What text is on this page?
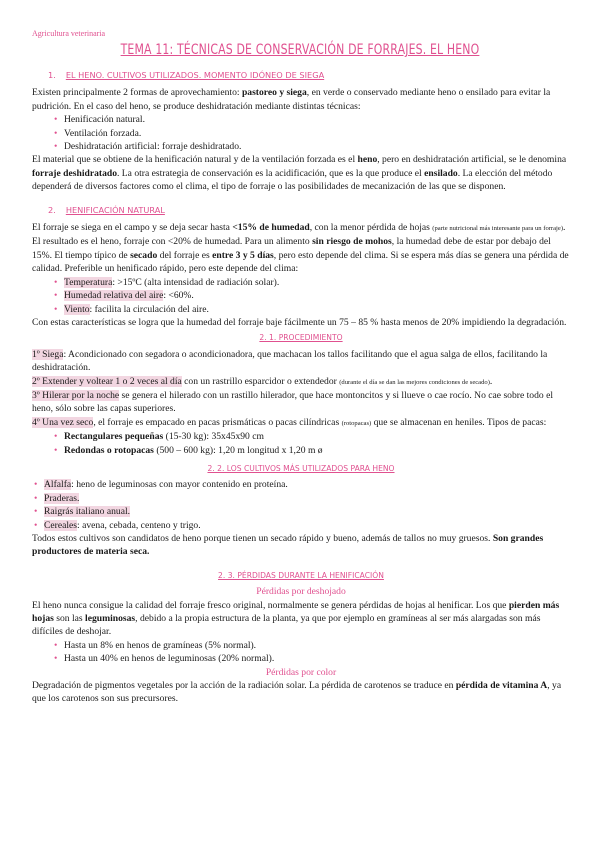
Agricultura veterinaria
TEMA 11: TÉCNICAS DE CONSERVACIÓN DE FORRAJES. EL HENO
1. EL HENO. CULTIVOS UTILIZADOS. MOMENTO IDÓNEO DE SIEGA

Existen principalmente 2 formas de aprovechamiento: pastoreo y siega, en verde o conservado mediante heno o ensilado para evitar la pudrición. En el caso del heno, se produce deshidratación mediante distintas técnicas:

• Henificación natural.
• Ventilación forzada.
• Deshidratación artificial: forraje deshidratado.

El material que se obtiene de la henificación natural y de la ventilación forzada es el heno, pero en deshidratación artificial, se le denomina forraje deshidratado. La otra estrategia de conservación es la acidificación, que es la que produce el ensilado. La elección del método dependerá de diversos factores como el clima, el tipo de forraje o las posibilidades de mecanización de las que se disponen.

2. HENIFICACIÓN NATURAL

El forraje se siega en el campo y se deja secar hasta <15% de humedad, con la menor pérdida de hojas (parte nutricional más interesante para un forraje). El resultado es el heno, forraje con <20% de humedad. Para un alimento sin riesgo de mohos, la humedad debe de estar por debajo del 15%. El tiempo típico de secado del forraje es entre 3 y 5 días, pero esto depende del clima. Si se espera más días se genera una pérdida de calidad. Preferible un henificado rápido, pero este depende del clima:

• Temperatura: >15ºC (alta intensidad de radiación solar).
• Humedad relativa del aire: <60%.
• Viento: facilita la circulación del aire.

Con estas características se logra que la humedad del forraje baje fácilmente un 75 – 85 % hasta menos de 20% impidiendo la degradación.

2. 1. PROCEDIMIENTO

1º Siega: Acondicionado con segadora o acondicionadora, que machacan los tallos facilitando que el agua salga de ellos, facilitando la deshidratación.

2º Extender y voltear 1 o 2 veces al día con un rastrillo esparcidor o extendedor (durante el día se dan las mejores condiciones de secado).

3º Hilerar por la noche se genera el hilerado con un rastillo hilerador, que hace montoncitos y si llueve o cae rocío. No cae sobre todo el heno, sólo sobre las capas superiores.

4º Una vez seco, el forraje es empacado en pacas prismáticas o pacas cilíndricas (rotopacas) que se almacenan en heniles. Tipos de pacas:

• Rectangulares pequeñas (15-30 kg): 35x45x90 cm
• Redondas o rotopacas (500 – 600 kg): 1,20 m longitud x 1,20 m ø
2. 2. LOS CULTIVOS MÁS UTILIZADOS PARA HENO
• Alfalfa: heno de leguminosas con mayor contenido en proteína.
• Praderas.
• Raigrás italiano anual.
• Cereales: avena, cebada, centeno y trigo.

Todos estos cultivos son candidatos de heno porque tienen un secado rápido y bueno, además de tallos no muy gruesos. Son grandes productores de materia seca.

2. 3. PÉRDIDAS DURANTE LA HENIFICACIÓN

Pérdidas por deshojado

El heno nunca consigue la calidad del forraje fresco original, normalmente se genera pérdidas de hojas al henificar. Los que pierden más hojas son las leguminosas, debido a la propia estructura de la planta, ya que por ejemplo en gramíneas al ser más alargadas son más difíciles de deshojar.

• Hasta un 8% en henos de gramíneas (5% normal).
• Hasta un 40% en henos de leguminosas (20% normal).

Pérdidas por color

Degradación de pigmentos vegetales por la acción de la radiación solar. La pérdida de carotenos se traduce en pérdida de vitamina A, ya que los carotenos son sus precursores.
